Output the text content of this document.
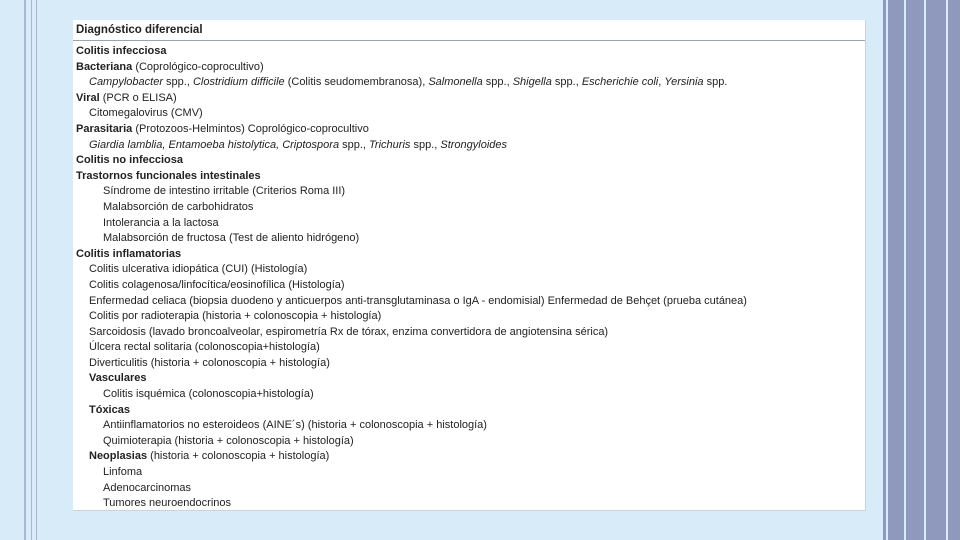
Diagnóstico diferencial
Colitis infecciosa
Bacteriana (Coprológico-coprocultivo)
Campylobacter spp., Clostridium difficile (Colitis seudomembranosa), Salmonella spp., Shigella spp., Escherichie coli, Yersinia spp.
Viral (PCR o ELISA)
Citomegalovirus (CMV)
Parasitaria (Protozoos-Helmintos) Coprológico-coprocultivo
Giardia lamblia, Entamoeba histolytica, Criptospora spp., Trichuris spp., Strongyloides
Colitis no infecciosa
Trastornos funcionales intestinales
Síndrome de intestino irritable (Criterios Roma III)
Malabsorción de carbohidratos
Intolerancia a la lactosa
Malabsorción de fructosa (Test de aliento hidrógeno)
Colitis inflamatorias
Colitis ulcerativa idiopática (CUI) (Histología)
Colitis colagenosa/linfocítica/eosinofílica (Histología)
Enfermedad celiaca (biopsia duodeno y anticuerpos anti-transglutaminasa o IgA - endomisial) Enfermedad de Behçet (prueba cutánea)
Colitis por radioterapia (historia + colonoscopia + histología)
Sarcoidosis (lavado broncoalveolar, espirometría Rx de tórax, enzima convertidora de angiotensina sérica)
Úlcera rectal solitaria (colonoscopia+histología)
Diverticulitis (historia + colonoscopia + histología)
Vasculares
Colitis isquémica (colonoscopia+histología)
Tóxicas
Antiinflamatorios no esteroideos (AINE´s) (historia + colonoscopia + histología)
Quimioterapia (historia + colonoscopia + histología)
Neoplasias (historia + colonoscopia + histología)
Linfoma
Adenocarcinomas
Tumores neuroendocrinos
